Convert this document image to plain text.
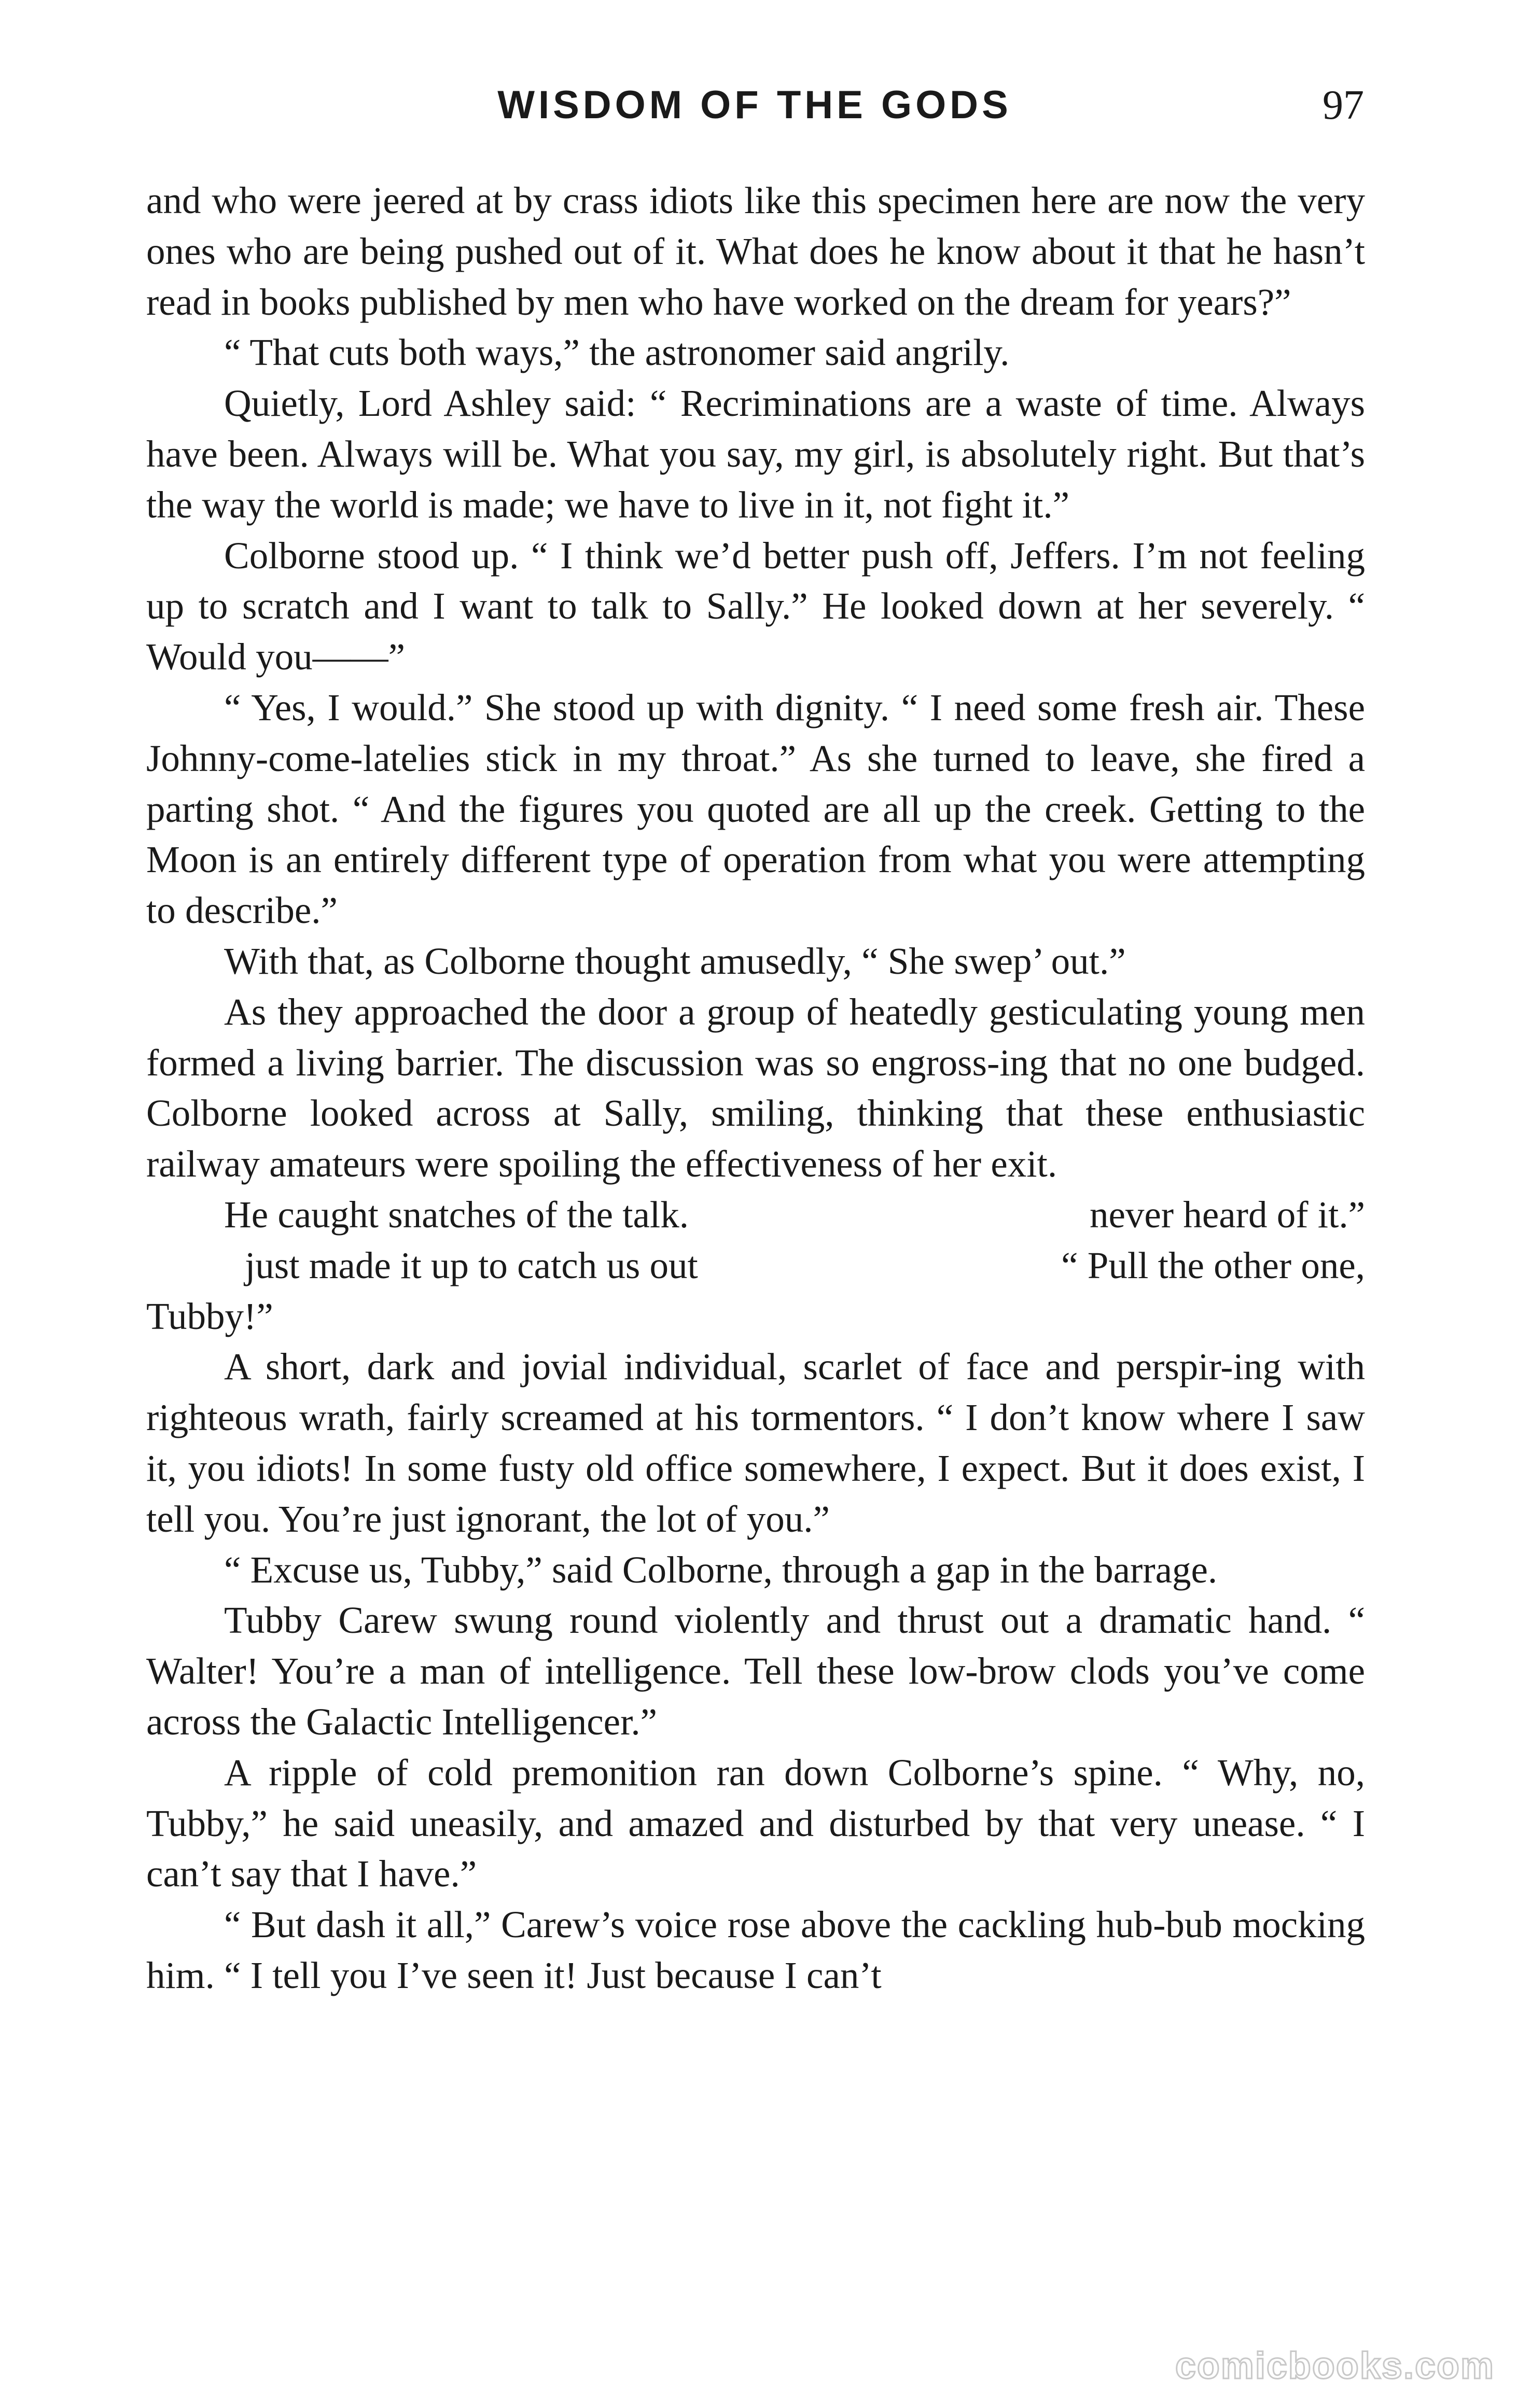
WISDOM OF THE GODS	97

and who were jeered at by crass idiots like this specimen here are now the very ones who are being pushed out of it. What does he know about it that he hasn’t read in books published by men who have worked on the dream for years?”

“ That cuts both ways,” the astronomer said angrily.

Quietly, Lord Ashley said: “ Recriminations are a waste of time. Always have been. Always will be. What you say, my girl, is absolutely right. But that’s the way the world is made; we have to live in it, not fight it.”

Colborne stood up. “ I think we’d better push off, Jeffers. I’m not feeling up to scratch and I want to talk to Sally.” He looked down at her severely. “ Would you——”

“ Yes, I would.” She stood up with dignity. “ I need some fresh air. These Johnny-come-latelies stick in my throat.” As she turned to leave, she fired a parting shot. “ And the figures you quoted are all up the creek. Getting to the Moon is an entirely different type of operation from what you were attempting to describe.”

With that, as Colborne thought amusedly, “ She swep’ out.”

As they approached the door a group of heatedly gesticulating young men formed a living barrier. The discussion was so engross-ing that no one budged. Colborne looked across at Sally, smiling, thinking that these enthusiastic railway amateurs were spoiling the effectiveness of her exit.

He caught snatches of the talk.	never heard of it.”
just made it up to catch us out	“ Pull the other one,
Tubby!”

A short, dark and jovial individual, scarlet of face and perspir-ing with righteous wrath, fairly screamed at his tormentors. “ I don’t know where I saw it, you idiots! In some fusty old office somewhere, I expect. But it does exist, I tell you. You’re just ignorant, the lot of you.”

“ Excuse us, Tubby,” said Colborne, through a gap in the barrage.

Tubby Carew swung round violently and thrust out a dramatic hand. “ Walter! You’re a man of intelligence. Tell these low-brow clods you’ve come across the Galactic Intelligencer.”

A ripple of cold premonition ran down Colborne’s spine. “ Why, no, Tubby,” he said uneasily, and amazed and disturbed by that very unease. “ I can’t say that I have.”

“ But dash it all,” Carew’s voice rose above the cackling hub-bub mocking him. “ I tell you I’ve seen it! Just because I can’t

comicbooks.com
